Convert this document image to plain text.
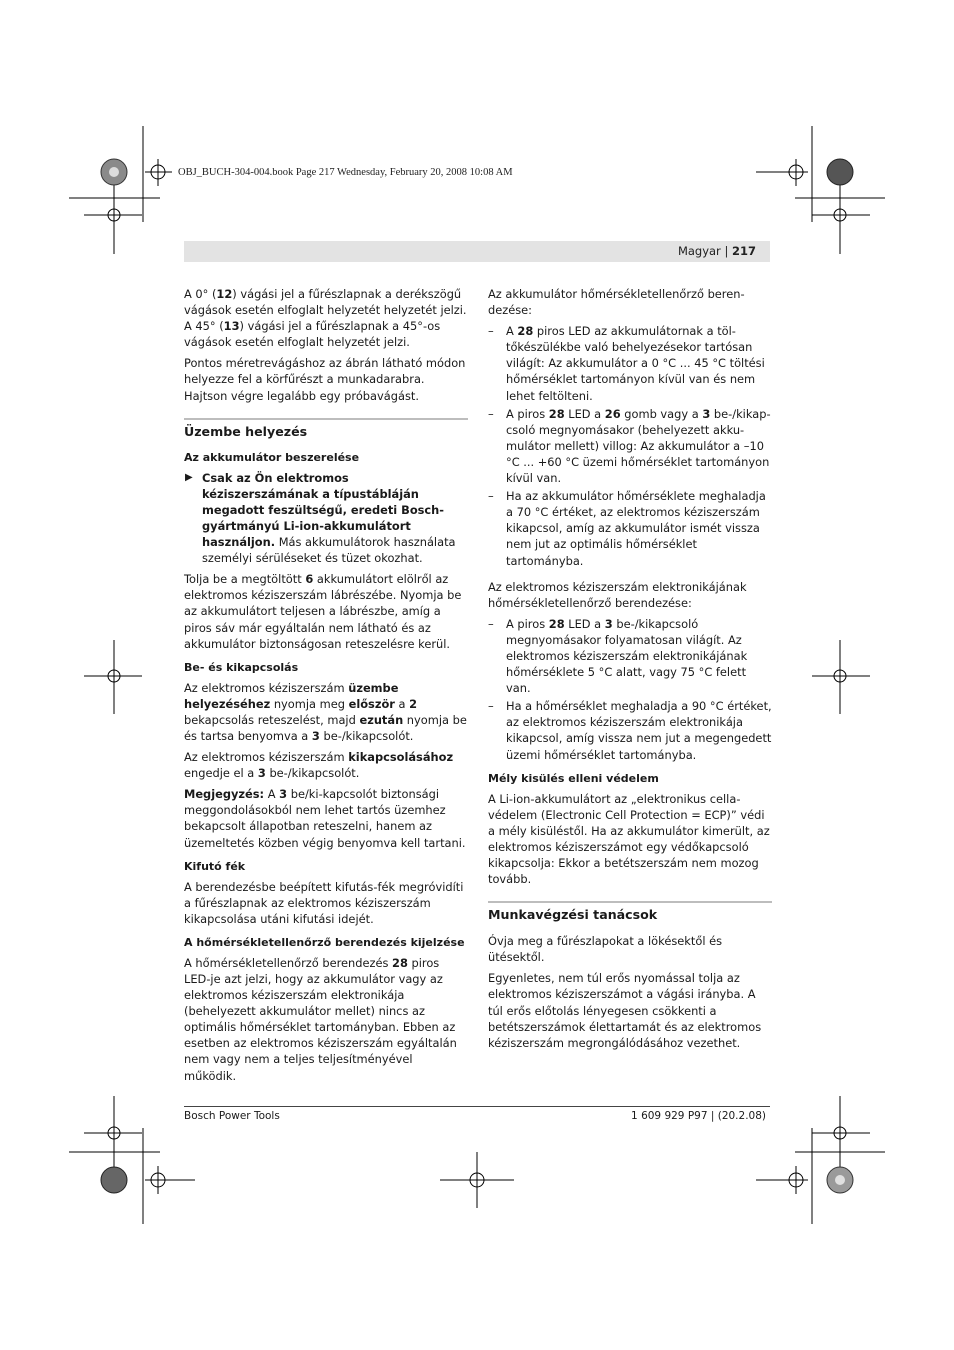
OBJ_BUCH-304-004.book Page 217 Wednesday, February 20, 2008 10:08 AM
Magyar | 217

A 0° (12) vágási jel a fűrészlapnak a derékszögű vágások esetén elfoglalt helyzetét helyzetét jelzi. A 45° (13) vágási jel a fűrészlapnak a 45°-os vágások esetén elfoglalt helyzetét jelzi.

Pontos méretrevágáshoz az ábrán látható módon helyezze fel a körfűrészt a munkadarabra. Hajtson végre legalább egy próbavágást.

Üzembe helyezés
Az akkumulátor beszerelése
▶ Csak az Ön elektromos kéziszerszámának a típustábláján megadott feszültségű, eredeti Bosch-gyártmányú Li-ion-akkumulátort használjon. Más akkumulátorok használata személyi sérüléseket és tüzet okozhat.

Tolja be a megtöltött 6 akkumulátort elölről az elektromos kéziszerszám lábrészébe. Nyomja be az akkumulátort teljesen a lábrészbe, amíg a piros sáv már egyáltalán nem látható és az akkumulátor biztonságosan reteszelésre kerül.

Be- és kikapcsolás

Az elektromos kéziszerszám üzembe helyezéséhez nyomja meg először a 2 bekapcsolás reteszelést, majd ezután nyomja be és tartsa benyomva a 3 be-/kikapcsolót.

Az elektromos kéziszerszám kikapcsolásához engedje el a 3 be-/kikapcsolót.

Megjegyzés: A 3 be/ki-kapcsolót biztonsági meggondolásokból nem lehet tartós üzemhez bekapcsolt állapotban reteszelni, hanem az üzemeltetés közben végig benyomva kell tartani.

Kifutó fék

A berendezésbe beépített kifutás-fék megróvidíti a fűrészlapnak az elektromos kéziszerszám kikapcsolása utáni kifutási idejét.

A hőmérsékletellenőrző berendezés kijelzése

A hőmérsékletellenőrző berendezés 28 piros LED-je azt jelzi, hogy az akkumulátor vagy az elektromos kéziszerszám elektronikája (behelyezett akkumulátor mellet) nincs az optimális hőmérséklet tartományban. Ebben az esetben az elektromos kéziszerszám egyáltalán nem vagy nem a teljes teljesítményével működik.

Az akkumulátor hőmérsékletellenőrző beren-dezése:

– A 28 piros LED az akkumulátornak a töl-tőkészülékbe való behelyezésekor tartósan világít: Az akkumulátor a 0 °C ... 45 °C töltési hőmérséklet tartományon kívül van és nem lehet feltölteni.
– A piros 28 LED a 26 gomb vagy a 3 be-/kikap-csoló megnyomásakor (behelyezett akku-mulátor mellett) villog: Az akkumulátor a –10 °C ... +60 °C üzemi hőmérséklet tartományon kívül van.
– Ha az akkumulátor hőmérséklete meghaladja a 70 °C értéket, az elektromos kéziszerszám kikapcsol, amíg az akkumulátor ismét vissza nem jut az optimális hőmérséklet tartományba.

Az elektromos kéziszerszám elektronikájának hőmérsékletellenőrző berendezése:

– A piros 28 LED a 3 be-/kikapcsoló megnyomásakor folyamatosan világít. Az elektromos kéziszerszám elektronikájának hőmérséklete 5 °C alatt, vagy 75 °C felett van.
– Ha a hőmérséklet meghaladja a 90 °C értéket, az elektromos kéziszerszám elektronikája kikapcsol, amíg vissza nem jut a megengedett üzemi hőmérséklet tartományba.
Mély kisülés elleni védelem

A Li-ion-akkumulátort az „elektronikus cella-védelem (Electronic Cell Protection = ECP)” védi a mély kisüléstől. Ha az akkumulátor kimerült, az elektromos kéziszerszámot egy védőkapcsoló kikapcsolja: Ekkor a betétszerszám nem mozog tovább.

Munkavégzési tanácsok

Óvja meg a fűrészlapokat a lökésektől és ütésektől.

Egyenletes, nem túl erős nyomással tolja az elektromos kéziszerszámot a vágási irányba. A túl erős előtolás lényegesen csökkenti a betétszerszámok élettartamát és az elektromos kéziszerszám megrongálódásához vezethet.

Bosch Power Tools	1 609 929 P97 | (20.2.08)
